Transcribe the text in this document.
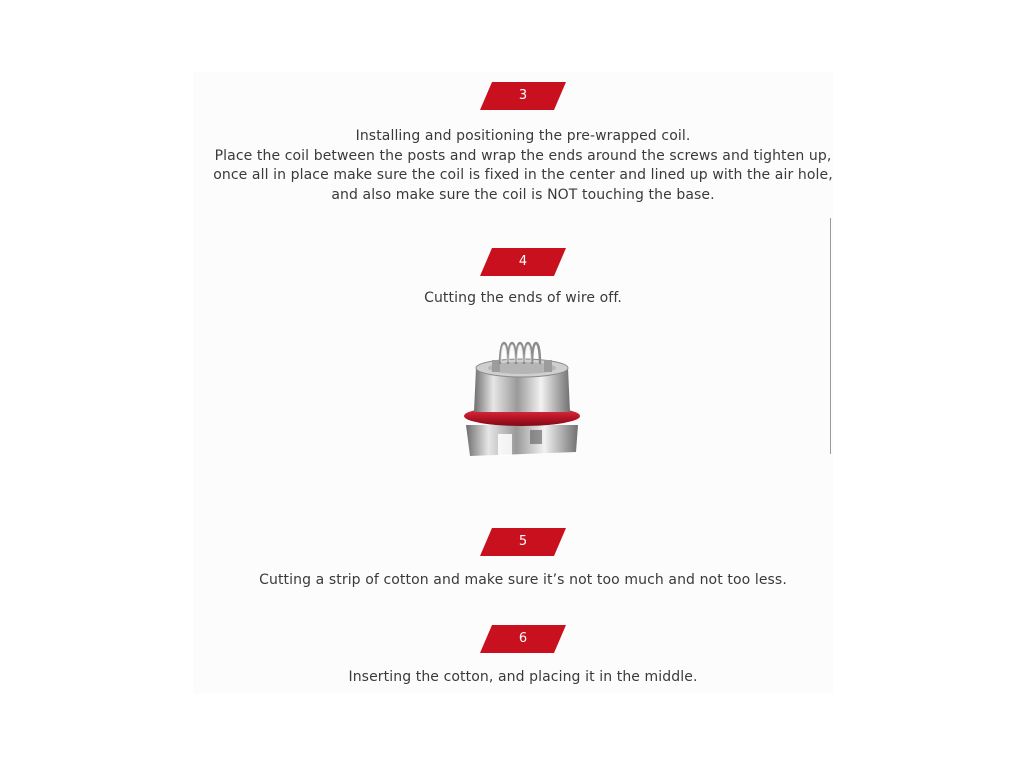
3
Installing and positioning the pre-wrapped coil.
Place the coil between the posts and wrap the ends around the screws and tighten up,
once all in place make sure the coil is fixed in the center and lined up with the air hole,
and also make sure the coil is NOT touching the base.
4
Cutting the ends of wire off.
5
Cutting a strip of cotton and make sure it’s not too much and not too less.
6
Inserting the cotton, and placing it in the middle.
